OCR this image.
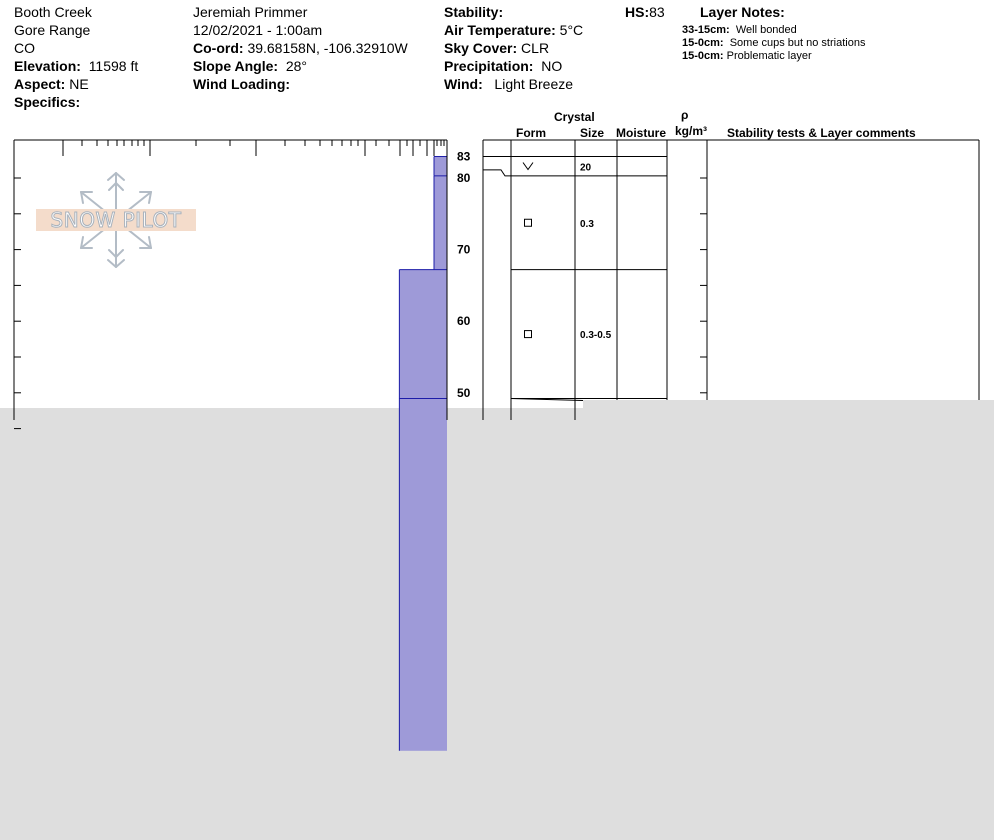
Booth Creek
Gore Range
CO
Elevation: 11598 ft
Aspect: NE
Specifics:
Jeremiah Primmer
12/02/2021 - 1:00am
Co-ord: 39.68158N, -106.32910W
Slope Angle: 28°
Wind Loading:
Stability:
Air Temperature: 5°C
Sky Cover: CLR
Precipitation: NO
Wind: Light Breeze
HS:83	Layer Notes:
33-15cm: Well bonded
15-0cm: Some cups but no striations
15-0cm: Problematic layer
Crystal
Form	Size Moisture
ρ
kg/m³ Stability tests & Layer comments
SNOW PILOT
20
0.3
0.3-0.5
80
70
60
50
83
